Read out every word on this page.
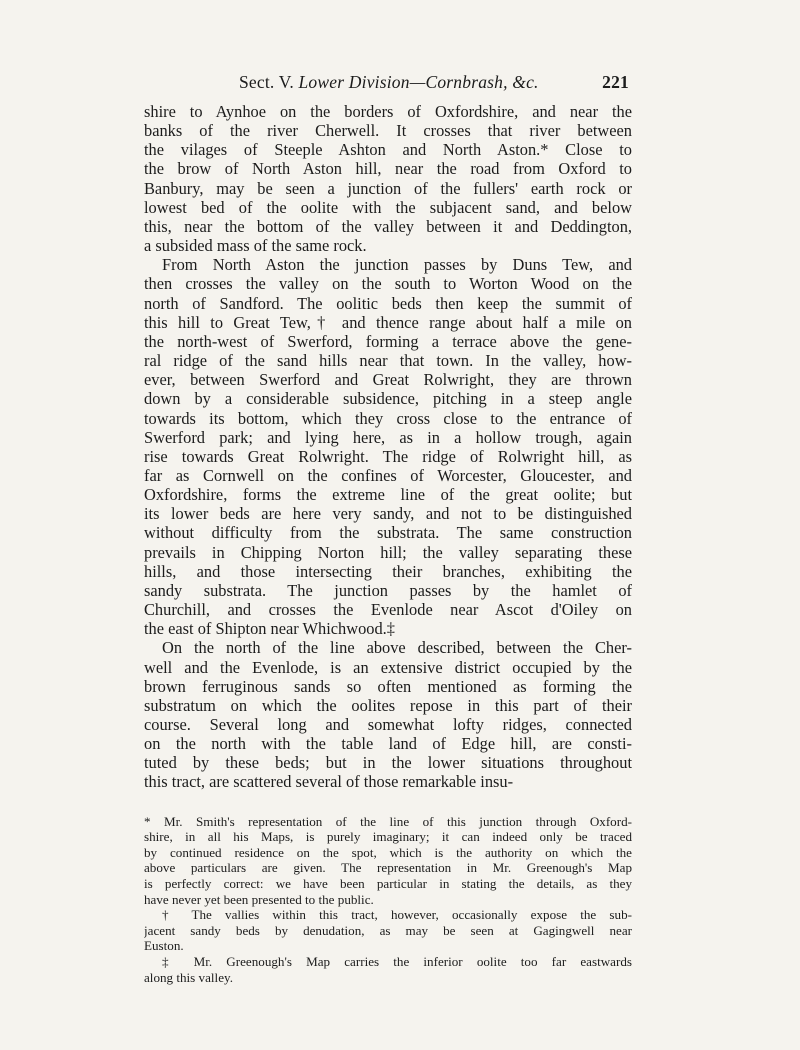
Sect. V. Lower Division—Cornbrash, &c.	221
shire to Aynhoe on the borders of Oxfordshire, and near the
banks of the river Cherwell. It crosses that river between
the vilages of Steeple Ashton and North Aston.* Close to
the brow of North Aston hill, near the road from Oxford to
Banbury, may be seen a junction of the fullers' earth rock or
lowest bed of the oolite with the subjacent sand, and below
this, near the bottom of the valley between it and Deddington,
a subsided mass of the same rock.
From North Aston the junction passes by Duns Tew, and
then crosses the valley on the south to Worton Wood on the
north of Sandford. The oolitic beds then keep the summit of
this hill to Great Tew,† and thence range about half a mile on
the north-west of Swerford, forming a terrace above the gene-
ral ridge of the sand hills near that town. In the valley, how-
ever, between Swerford and Great Rolwright, they are thrown
down by a considerable subsidence, pitching in a steep angle
towards its bottom, which they cross close to the entrance of
Swerford park; and lying here, as in a hollow trough, again
rise towards Great Rolwright. The ridge of Rolwright hill, as
far as Cornwell on the confines of Worcester, Gloucester, and
Oxfordshire, forms the extreme line of the great oolite; but
its lower beds are here very sandy, and not to be distinguished
without difficulty from the substrata. The same construction
prevails in Chipping Norton hill; the valley separating these
hills, and those intersecting their branches, exhibiting the
sandy substrata. The junction passes by the hamlet of
Churchill, and crosses the Evenlode near Ascot d'Oiley on
the east of Shipton near Whichwood.‡
On the north of the line above described, between the Cher-
well and the Evenlode, is an extensive district occupied by the
brown ferruginous sands so often mentioned as forming the
substratum on which the oolites repose in this part of their
course. Several long and somewhat lofty ridges, connected
on the north with the table land of Edge hill, are consti-
tuted by these beds; but in the lower situations throughout
this tract, are scattered several of those remarkable insu-
* Mr. Smith's representation of the line of this junction through Oxford-
shire, in all his Maps, is purely imaginary; it can indeed only be traced
by continued residence on the spot, which is the authority on which the
above particulars are given. The representation in Mr. Greenough's Map
is perfectly correct: we have been particular in stating the details, as they
have never yet been presented to the public.
† The vallies within this tract, however, occasionally expose the sub-
jacent sandy beds by denudation, as may be seen at Gagingwell near
Euston.
‡ Mr. Greenough's Map carries the inferior oolite too far eastwards
along this valley.
